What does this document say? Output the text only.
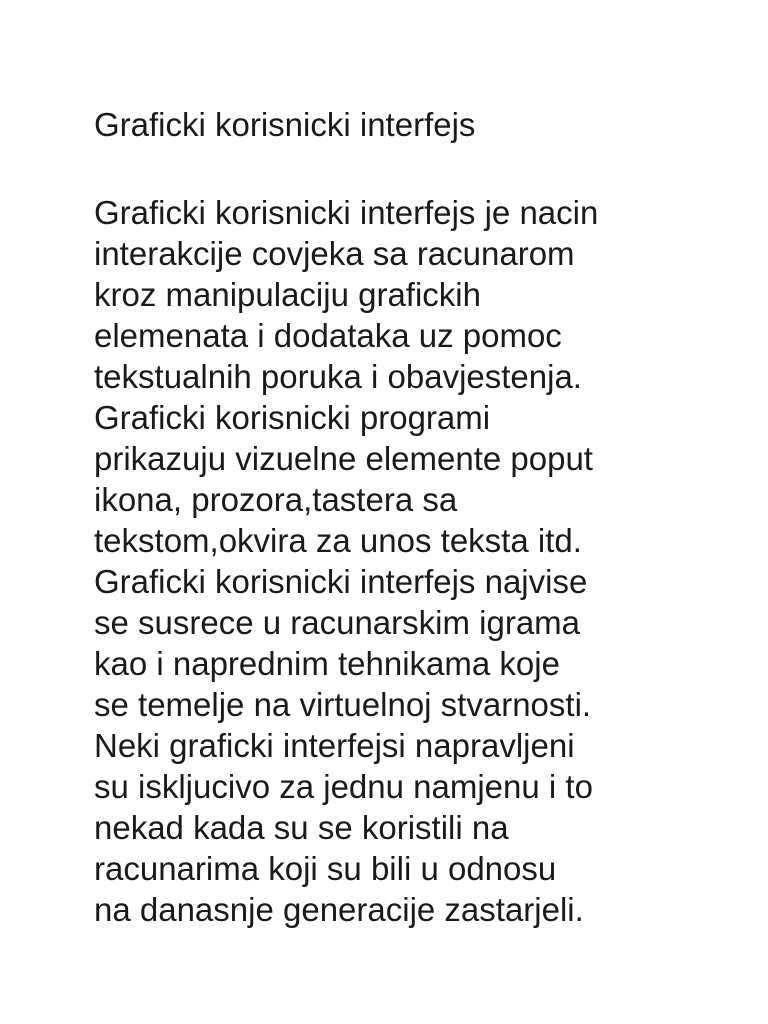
Graficki korisnicki interfejs
Graficki korisnicki interfejs je nacin
interakcije covjeka sa racunarom
kroz manipulaciju grafickih
elemenata i dodataka uz pomoc
tekstualnih poruka i obavjestenja.
Graficki korisnicki programi
prikazuju vizuelne elemente poput
ikona, prozora,tastera sa
tekstom,okvira za unos teksta itd.
Graficki korisnicki interfejs najvise
se susrece u racunarskim igrama
kao i naprednim tehnikama koje
se temelje na virtuelnoj stvarnosti.
Neki graficki interfejsi napravljeni
su iskljucivo za jednu namjenu i to
nekad kada su se koristili na
racunarima koji su bili u odnosu
na danasnje generacije zastarjeli.
